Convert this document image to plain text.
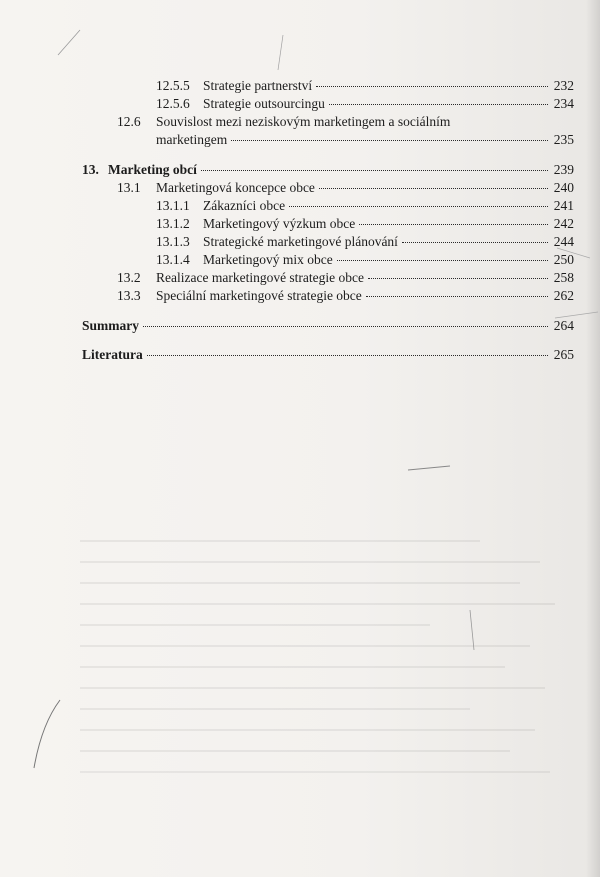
12.5.5 Strategie partnerství	232
12.5.6 Strategie outsourcingu	234
12.6 Souvislost mezi neziskovým marketingem a sociálním
marketingem	235
13. Marketing obcí	239
13.1	Marketingová koncepce obce	240
13.1.1 Zákazníci obce	241
13.1.2 Marketingový výzkum obce	242
13.1.3 Strategické marketingové plánování	244
13.1.4 Marketingový mix obce	250
13.2	Realizace marketingové strategie obce	258
13.3	Speciální marketingové strategie obce	262
Summary	264
Literatura	265
